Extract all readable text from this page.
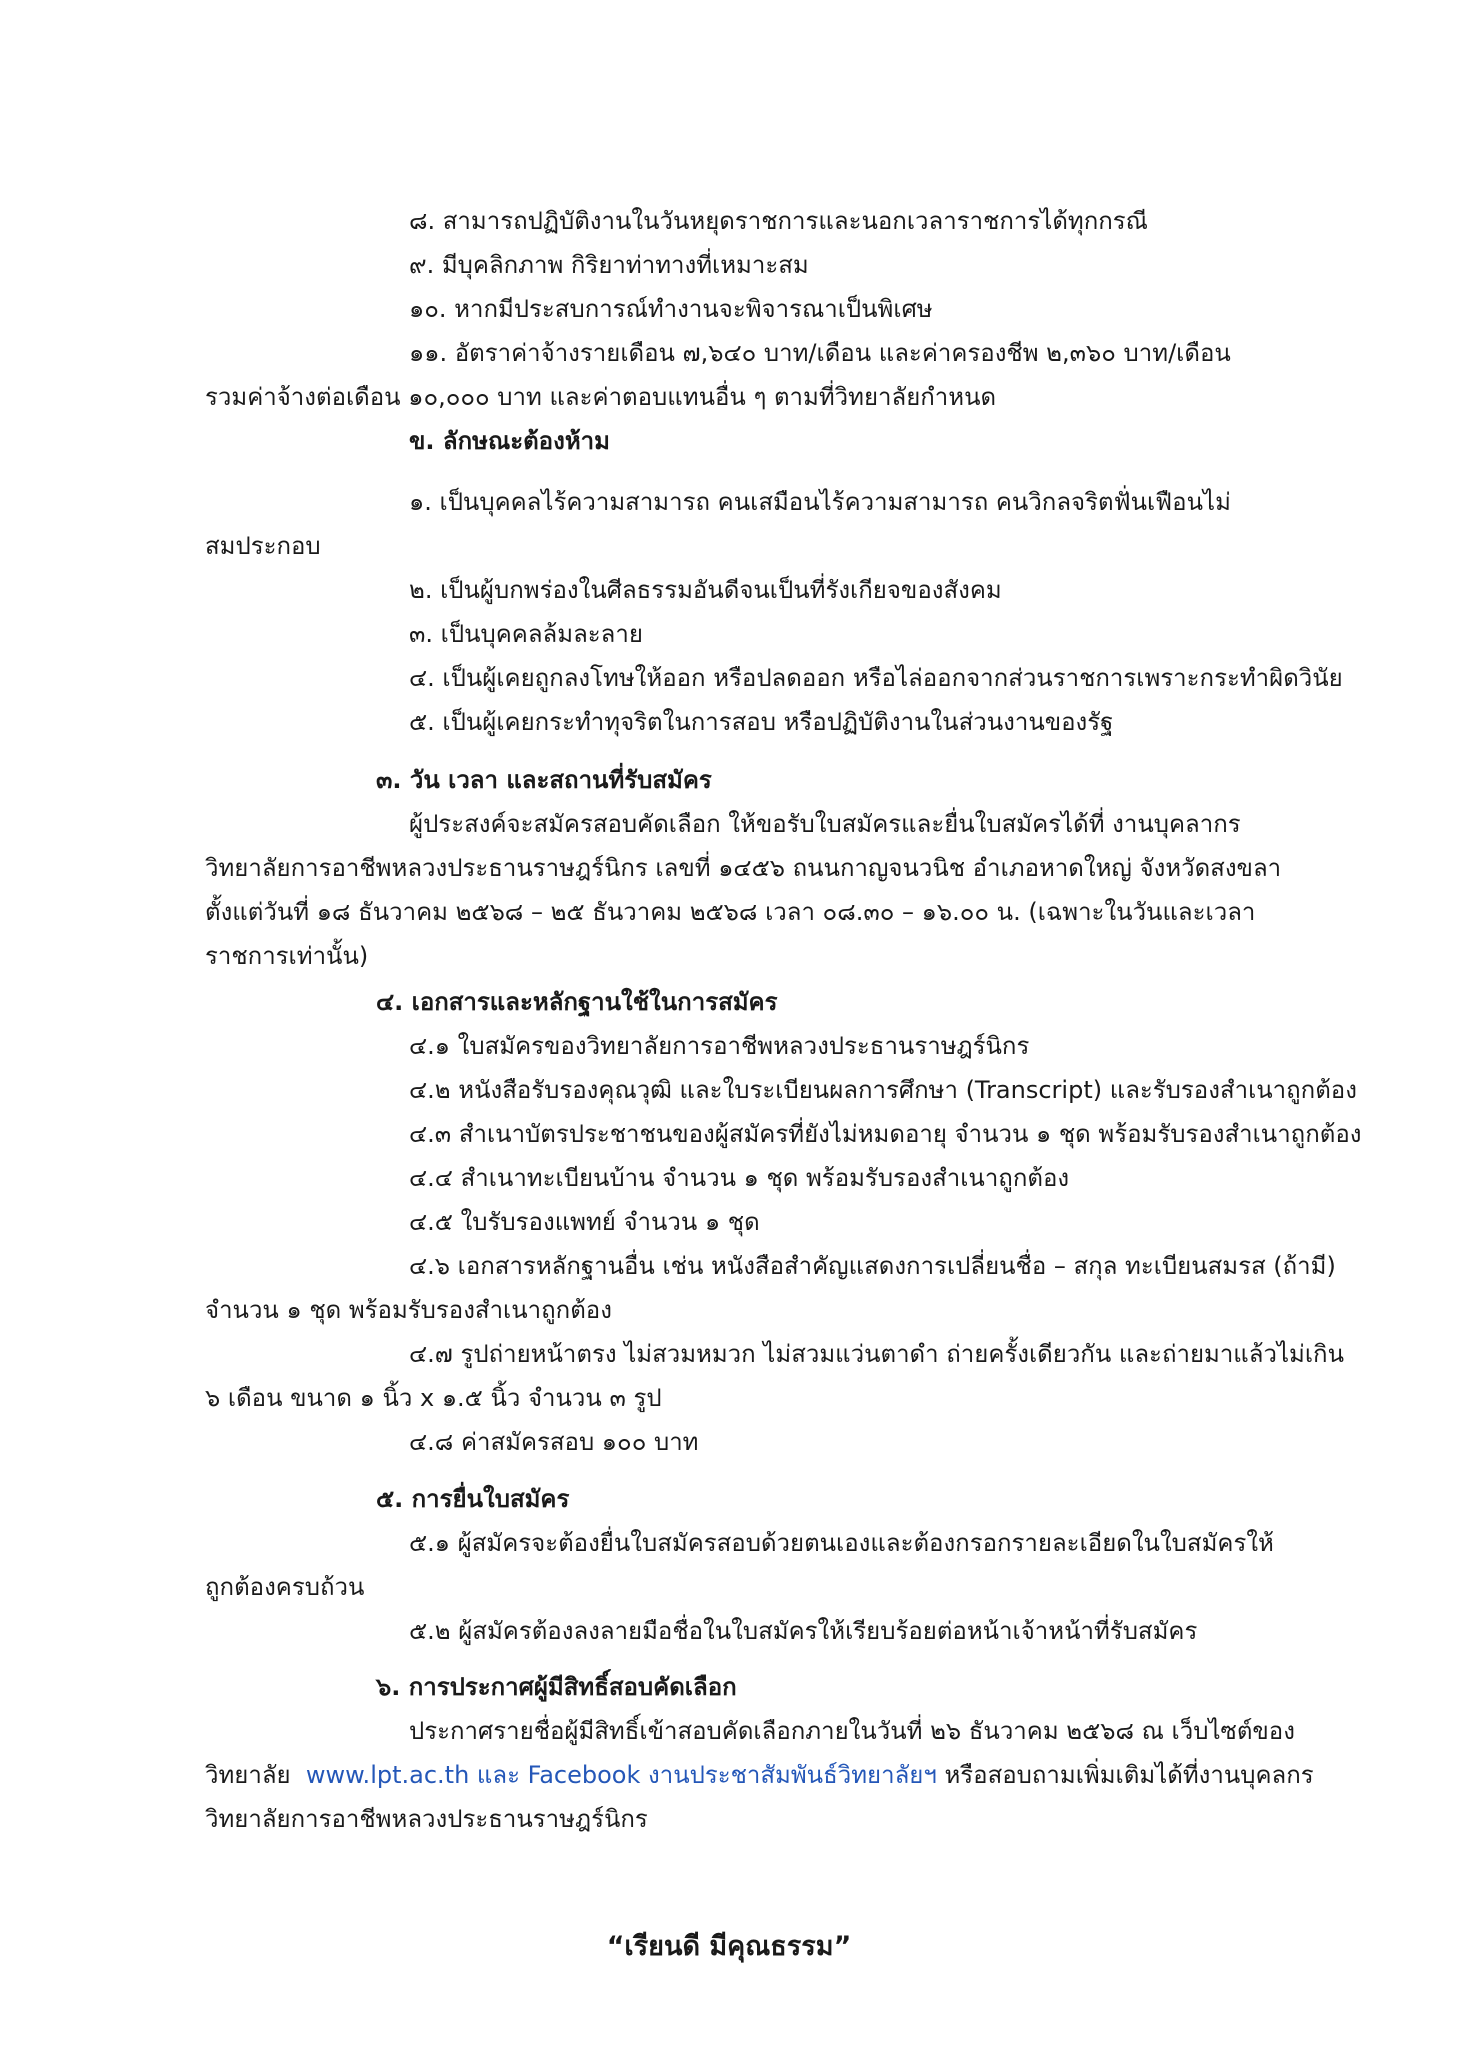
๘. สามารถปฏิบัติงานในวันหยุดราชการและนอกเวลาราชการได้ทุกกรณี
๙. มีบุคลิกภาพ กิริยาท่าทางที่เหมาะสม
๑๐. หากมีประสบการณ์ทำงานจะพิจารณาเป็นพิเศษ
๑๑. อัตราค่าจ้างรายเดือน ๗,๖๔๐ บาท/เดือน และค่าครองชีพ ๒,๓๖๐ บาท/เดือน
รวมค่าจ้างต่อเดือน ๑๐,๐๐๐ บาท และค่าตอบแทนอื่น ๆ ตามที่วิทยาลัยกำหนด
ข. ลักษณะต้องห้าม
๑. เป็นบุคคลไร้ความสามารถ คนเสมือนไร้ความสามารถ คนวิกลจริตฟั่นเฟือนไม่
สมประกอบ
๒. เป็นผู้บกพร่องในศีลธรรมอันดีจนเป็นที่รังเกียจของสังคม
๓. เป็นบุคคลล้มละลาย
๔. เป็นผู้เคยถูกลงโทษให้ออก หรือปลดออก หรือไล่ออกจากส่วนราชการเพราะกระทำผิดวินัย
๕. เป็นผู้เคยกระทำทุจริตในการสอบ หรือปฏิบัติงานในส่วนงานของรัฐ
๓. วัน เวลา และสถานที่รับสมัคร
ผู้ประสงค์จะสมัครสอบคัดเลือก ให้ขอรับใบสมัครและยื่นใบสมัครได้ที่ งานบุคลากร
วิทยาลัยการอาชีพหลวงประธานราษฎร์นิกร เลขที่ ๑๔๕๖ ถนนกาญจนวนิช อำเภอหาดใหญ่ จังหวัดสงขลา
ตั้งแต่วันที่ ๑๘ ธันวาคม ๒๕๖๘ – ๒๕ ธันวาคม ๒๕๖๘ เวลา ๐๘.๓๐ – ๑๖.๐๐ น. (เฉพาะในวันและเวลา
ราชการเท่านั้น)
๔. เอกสารและหลักฐานใช้ในการสมัคร
๔.๑ ใบสมัครของวิทยาลัยการอาชีพหลวงประธานราษฎร์นิกร
๔.๒ หนังสือรับรองคุณวุฒิ และใบระเบียนผลการศึกษา (Transcript) และรับรองสำเนาถูกต้อง
๔.๓ สำเนาบัตรประชาชนของผู้สมัครที่ยังไม่หมดอายุ จำนวน ๑ ชุด พร้อมรับรองสำเนาถูกต้อง
๔.๔ สำเนาทะเบียนบ้าน จำนวน ๑ ชุด พร้อมรับรองสำเนาถูกต้อง
๔.๕ ใบรับรองแพทย์ จำนวน ๑ ชุด
๔.๖ เอกสารหลักฐานอื่น เช่น หนังสือสำคัญแสดงการเปลี่ยนชื่อ – สกุล ทะเบียนสมรส (ถ้ามี)
จำนวน ๑ ชุด พร้อมรับรองสำเนาถูกต้อง
๔.๗ รูปถ่ายหน้าตรง ไม่สวมหมวก ไม่สวมแว่นตาดำ ถ่ายครั้งเดียวกัน และถ่ายมาแล้วไม่เกิน
๖ เดือน ขนาด ๑ นิ้ว x ๑.๕ นิ้ว จำนวน ๓ รูป
๔.๘ ค่าสมัครสอบ ๑๐๐ บาท
๕. การยื่นใบสมัคร
๕.๑ ผู้สมัครจะต้องยื่นใบสมัครสอบด้วยตนเองและต้องกรอกรายละเอียดในใบสมัครให้
ถูกต้องครบถ้วน
๕.๒ ผู้สมัครต้องลงลายมือชื่อในใบสมัครให้เรียบร้อยต่อหน้าเจ้าหน้าที่รับสมัคร
๖. การประกาศผู้มีสิทธิ์สอบคัดเลือก
ประกาศรายชื่อผู้มีสิทธิ์เข้าสอบคัดเลือกภายในวันที่ ๒๖ ธันวาคม ๒๕๖๘ ณ เว็บไซต์ของ
วิทยาลัย www.lpt.ac.th และ Facebook งานประชาสัมพันธ์วิทยาลัยฯ หรือสอบถามเพิ่มเติมได้ที่งานบุคลกร
วิทยาลัยการอาชีพหลวงประธานราษฎร์นิกร
“เรียนดี มีคุณธรรม”
